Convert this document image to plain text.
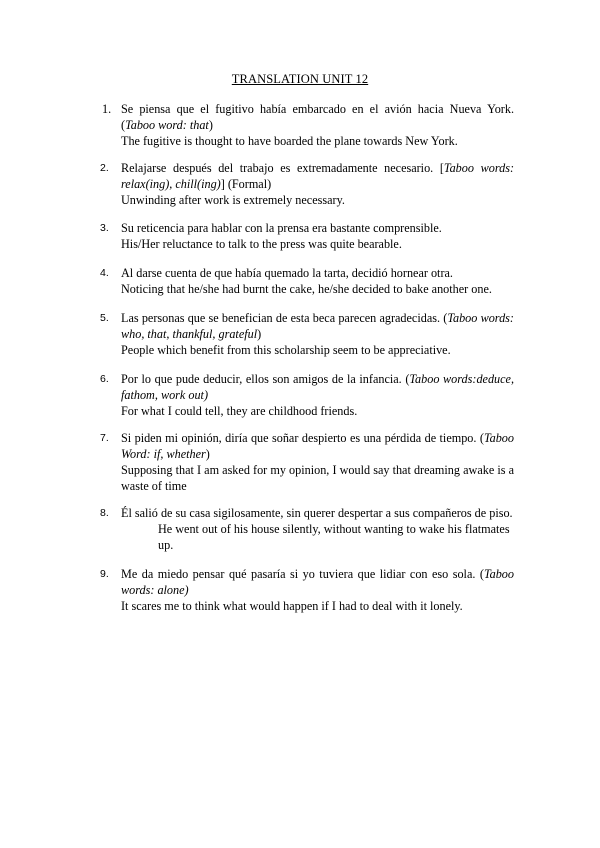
TRANSLATION UNIT 12
1. Se piensa que el fugitivo había embarcado en el avión hacia Nueva York. (Taboo word: that)
The fugitive is thought to have boarded the plane towards New York.
2.	Relajarse después del trabajo es extremadamente necesario. [Taboo words: relax(ing), chill(ing)] (Formal)
Unwinding after work is extremely necessary.
3.	Su reticencia para hablar con la prensa era bastante comprensible.
His/Her reluctance to talk to the press was quite bearable.
4.	Al darse cuenta de que había quemado la tarta, decidió hornear otra.
Noticing that he/she had burnt the cake, he/she decided to bake another one.
5.	Las personas que se benefician de esta beca parecen agradecidas. (Taboo words: who, that, thankful, grateful)
People which benefit from this scholarship seem to be appreciative.
6.	Por lo que pude deducir, ellos son amigos de la infancia. (Taboo words:deduce, fathom, work out)
For what I could tell, they are childhood friends.
7.	Si piden mi opinión, diría que soñar despierto es una pérdida de tiempo. (Taboo Word: if, whether)
Supposing that I am asked for my opinion, I would say that dreaming awake is a waste of time
8.	Él salió de su casa sigilosamente, sin querer despertar a sus compañeros de piso.
He went out of his house silently, without wanting to wake his flatmates up.
9.	Me da miedo pensar qué pasaría si yo tuviera que lidiar con eso sola. (Taboo words: alone)
It scares me to think what would happen if I had to deal with it lonely.
